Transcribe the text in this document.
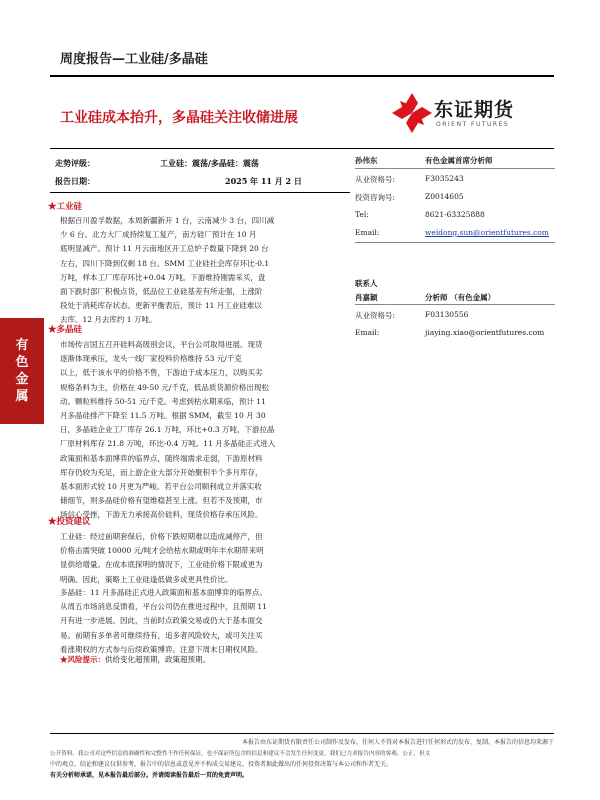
周度报告—工业硅/多晶硅
工业硅成本抬升，多晶硅关注收储进展	东证期货
ORIENT FUTURES
有
色
金
属
走势评级：	工业硅：震荡/多晶硅：震荡
报告日期：	2025 年 11 月 2 日
★工业硅
根据百川盈孚数据，本周新疆新开 1 台，云南减少 3 台，四川减
少 6 台。北方大厂成持续复工复产，南方硅厂预计在 10 月
底明显减产。预计 11 月云南地区开工总炉子数量下降到 20 台
左右，四川下降到仅剩 18 台。SMM 工业硅社会库存环比-0.1
万吨，样本工厂库存环比+0.04 万吨。下游维持刚需采买，盘
面下跌时部厂积极点货，低品位工业硅基差有所走强，上涨阶
段处于消耗库存状态。更新平衡表后，预计 11 月工业硅难以
去库、12 月去库约 1 万吨。
★多晶硅
市场传言国五召开硅料高级别会议，平台公司取得进展。现货
逐渐体现承压，龙头一线厂家投料价格维持 53 元/千克
以上，低于该水平的价格不售，下游迫于成本压力，以购买劣
规格条料为主，价格在 49-50 元/千克，低品质货源价格出现松
动。颗粒料维持 50-51 元/千克。考虑到枯水期来临，预计 11
月多晶硅排产下降至 11.5 万吨。根据 SMM，截至 10 月 30
日，多晶硅企业工厂库存 26.1 万吨，环比+0.3 万吨，下游拉晶
厂原材料库存 21.8 万吨，环比-0.4 万吨。11 月多晶硅正式进入
政策面和基本面博弈的临界点，随终端需求走弱，下游原材料
库存仍较为充足，而上游企业大部分开始聚积半个多月库存，
基本面形式较 10 月更为严峻。若平台公司顺利成立并落实收
储细节，则多晶硅价格有望维稳甚至上涨。但若不及预期，市
场信心受挫，下游无力承接高价硅料，现货价格存承压风险。
★投资建议
工业硅：经过前期套保后，价格下跌短期难以造成减停产，但
价格击需突破 10000 元/吨才会给枯水期或明年丰水期带来明
显供给增量。在成本底探明的情况下，工业硅价格下限或更为
明确。因此，策略上工业硅逢低做多或更具性价比。
多晶硅：11 月多晶硅正式进入政策面和基本面博弈的临界点。
从周五市场消息反馈看，平台公司仍在推进过程中，且预期 11
月有进一步进展。因此，当前时点政策交易或仍大于基本面交
易。前期有多单者可继续持有，追多者风险较大，或可关注买
看涨期权的方式参与后续政策博弈。注意下周末日期权风险。
★风险提示：供给变化超预期，政策超预期。
孙伟东	有色金属首席分析师
从业资格号:	F3035243
投资咨询号:	Z0014605
Tel:	8621-63325888
Email:	weidong.sun@orientfutures.com
联系人
肖嘉颖	分析师 （有色金属）
从业资格号:	F03130556
Email:	jiaying.xiao@orientfutures.com
本报告由东证期货有限责任公司制作及发布，任何人不得对本报告进行任何形式的发布、复制。本报告的信息均来源于
公开资料，我公司对这些信息的准确性和完整性不作任何保证，也不保证所包含的信息和建议不会发生任何变更。我们已力求报告内容的客观、公正，但文
中的观点、结论和建议仅供参考，报告中的信息或意见并不构成交易建议，投资者据此做出的任何投资决策与本公司和作者无关。
有关分析师承诺，见本报告最后部分。并请阅读报告最后一页的免责声明。
